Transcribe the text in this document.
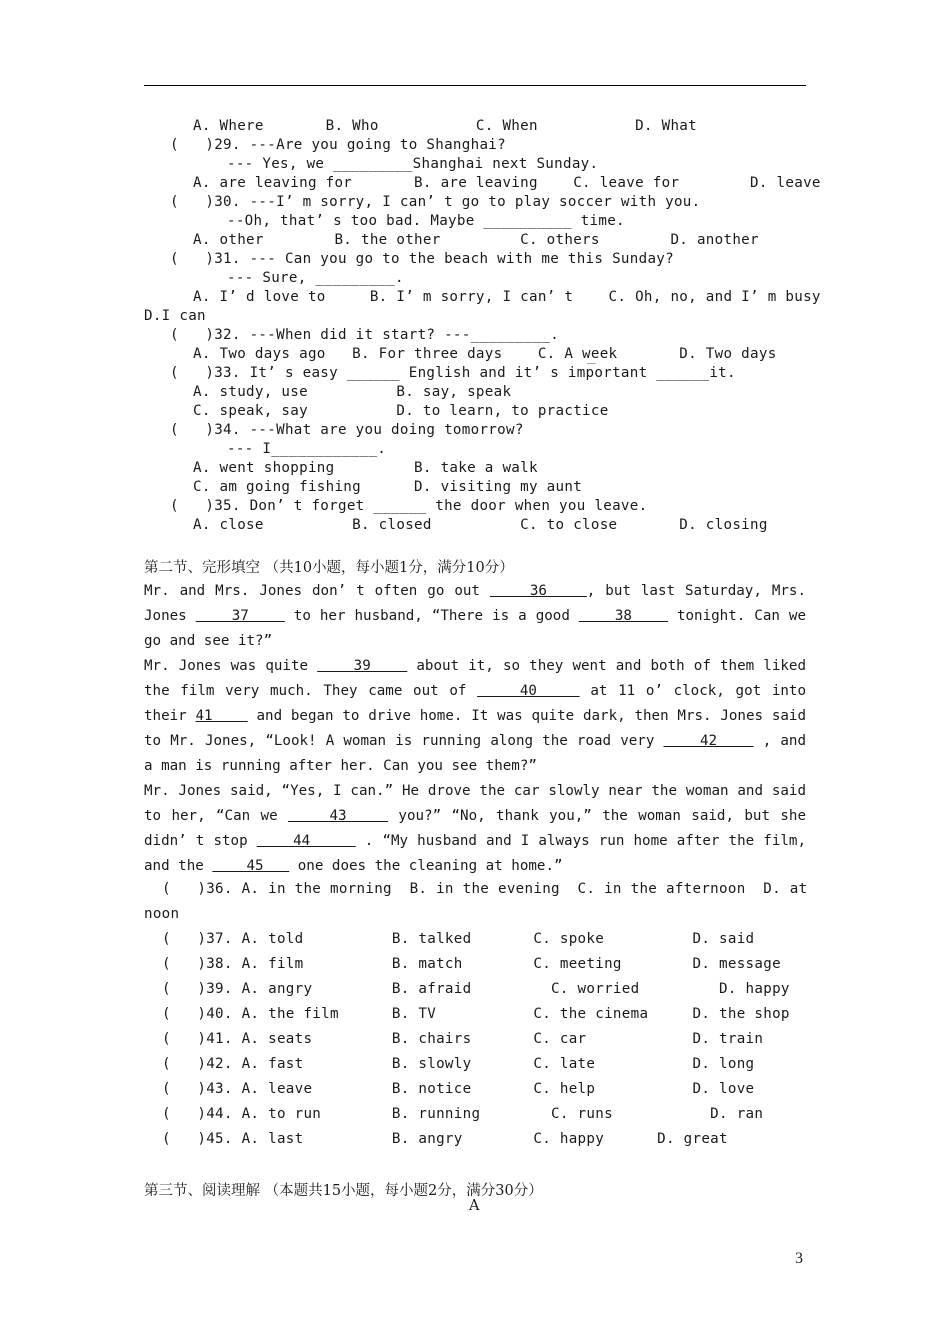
A. Where       B. Who           C. When           D. What
(   )29. ---Are you going to Shanghai?
--- Yes, we _________Shanghai next Sunday.
A. are leaving for       B. are leaving    C. leave for        D. leave
(   )30. ---I’ m sorry, I can’ t go to play soccer with you.
--Oh, that’ s too bad. Maybe __________ time.
A. other        B. the other         C. others        D. another
(   )31. --- Can you go to the beach with me this Sunday?
--- Sure, _________.
A. I’ d love to     B. I’ m sorry, I can’ t    C. Oh, no, and I’ m busy
D.I can
(   )32. ---When did it start? ---_________.
A. Two days ago   B. For three days    C. A week       D. Two days
(   )33. It’ s easy ______ English and it’ s important ______it.
A. study, use          B. say, speak
C. speak, say          D. to learn, to practice
(   )34. ---What are you doing tomorrow?
--- I____________.
A. went shopping         B. take a walk
C. am going fishing      D. visiting my aunt
(   )35. Don’ t forget ______ the door when you leave.
A. close          B. closed          C. to close       D. closing
第二节、完形填空 （共10小题，每小题1分，满分10分）
Mr. and Mrs. Jones don’ t often go out     36    , but last Saturday, Mrs. Jones     37     to her husband, “There is a good     38     tonight. Can we go and see it?”
Mr. Jones was quite     39     about it, so they went and both of them liked the film very much. They came out of     40     at 11 o’ clock, got into their 41     and began to drive home. It was quite dark, then Mrs. Jones said to Mr. Jones, “Look! A woman is running along the road very     42     , and a man is running after her. Can you see them?”
Mr. Jones said, “Yes, I can.” He drove the car slowly near the woman and said to her, “Can we     43     you?” “No, thank you,” the woman said, but she didn’ t stop     44      . “My husband and I always run home after the film, and the     45    one does the cleaning at home.”
(   )36. A. in the morning  B. in the evening  C. in the afternoon  D. at
noon
(   )37. A. told          B. talked       C. spoke          D. said
(   )38. A. film          B. match        C. meeting        D. message
(   )39. A. angry         B. afraid         C. worried         D. happy
(   )40. A. the film      B. TV           C. the cinema     D. the shop
(   )41. A. seats         B. chairs       C. car            D. train
(   )42. A. fast          B. slowly       C. late           D. long
(   )43. A. leave         B. notice       C. help           D. love
(   )44. A. to run        B. running        C. runs           D. ran
(   )45. A. last          B. angry        C. happy      D. great
第三节、阅读理解 （本题共15小题，每小题2分，满分30分）
A
3
